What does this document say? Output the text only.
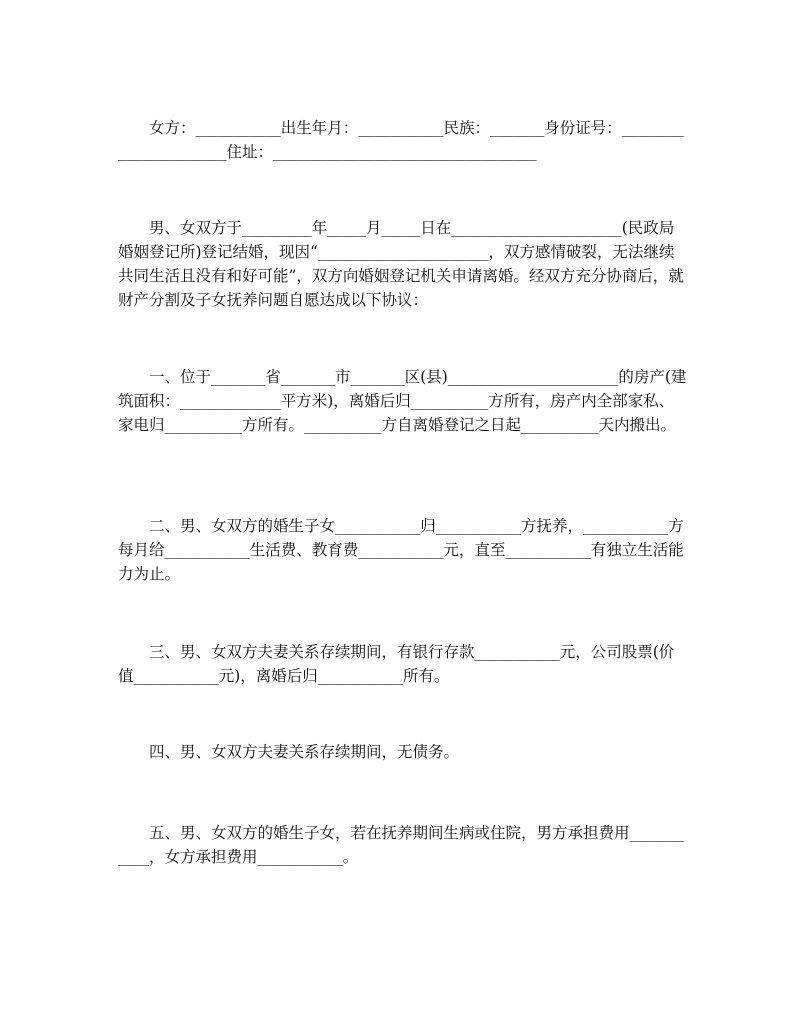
女方：___________出生年月：___________民族：_______身份证号：______________________住址：__________________________________

男、女双方于_________年_____月_____日在______________________(民政局婚姻登记所)登记结婚，现因“______________________，双方感情破裂，无法继续共同生活且没有和好可能”，双方向婚姻登记机关申请离婚。经双方充分协商后，就财产分割及子女抚养问题自愿达成以下协议：

一、位于_______省_______市_______区(县)______________________的房产(建筑面积：_____________平方米)，离婚后归__________方所有，房产内全部家私、家电归__________方所有。__________方自离婚登记之日起__________天内搬出。

二、男、女双方的婚生子女___________归___________方抚养，___________方每月给___________生活费、教育费___________元，直至___________有独立生活能力为止。

三、男、女双方夫妻关系存续期间，有银行存款___________元，公司股票(价值___________元)，离婚后归___________所有。

四、男、女双方夫妻关系存续期间，无债务。

五、男、女双方的婚生子女，若在抚养期间生病或住院，男方承担费用___________，女方承担费用___________。
